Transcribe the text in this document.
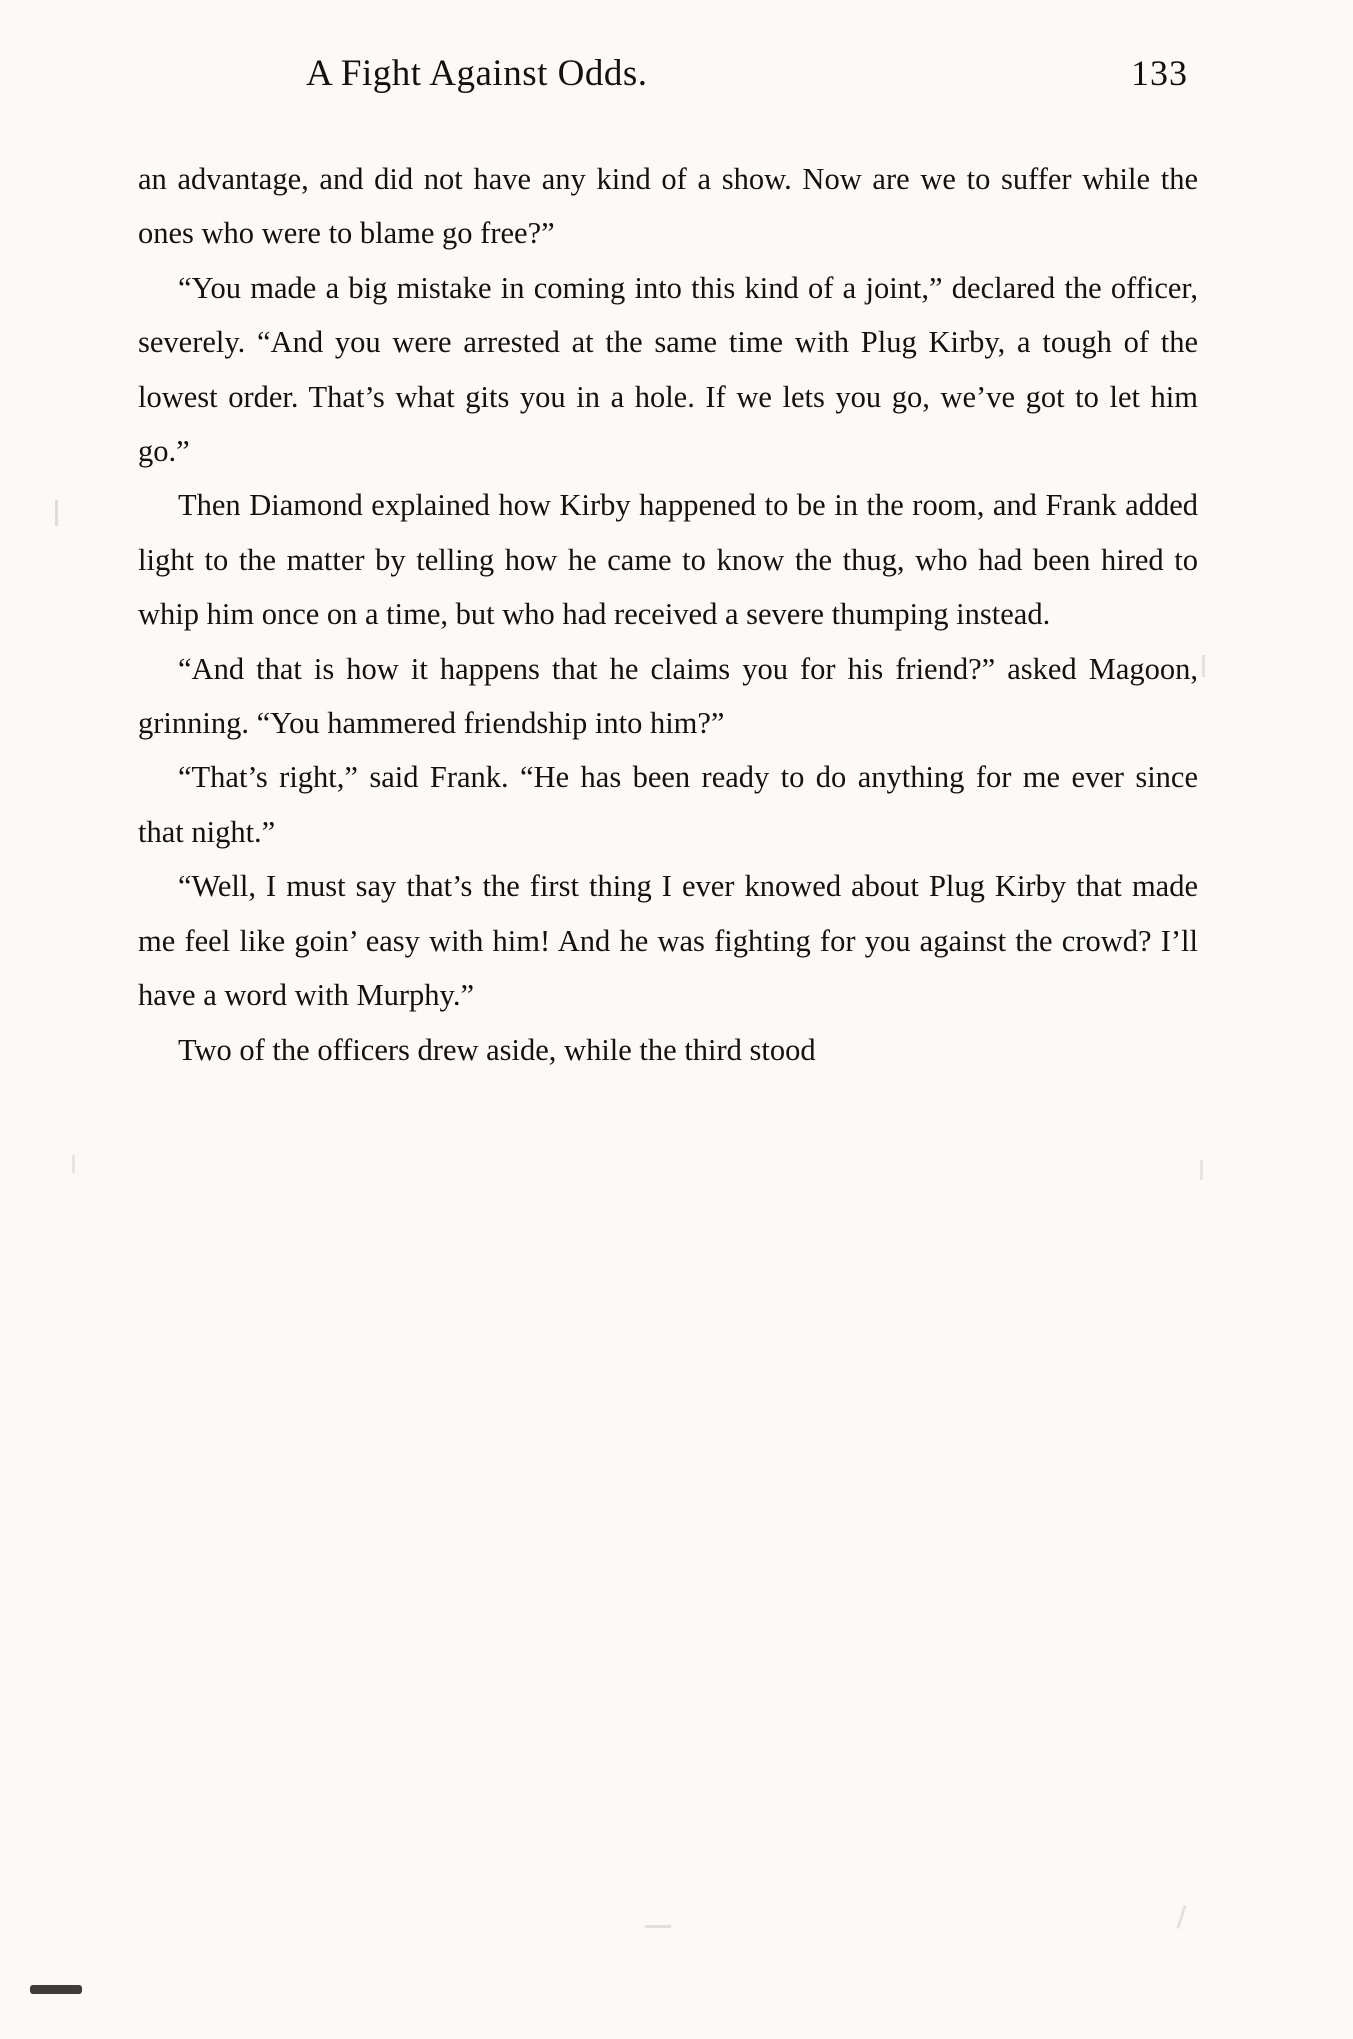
A Fight Against Odds.	133

an advantage, and did not have any kind of a show. Now are we to suffer while the ones who were to blame go free?”

“You made a big mistake in coming into this kind of a joint,” declared the officer, severely. “And you were arrested at the same time with Plug Kirby, a tough of the lowest order. That’s what gits you in a hole. If we lets you go, we’ve got to let him go.”

Then Diamond explained how Kirby happened to be in the room, and Frank added light to the matter by telling how he came to know the thug, who had been hired to whip him once on a time, but who had received a severe thumping instead.

“And that is how it happens that he claims you for his friend?” asked Magoon, grinning. “You hammered friendship into him?”

“That’s right,” said Frank. “He has been ready to do anything for me ever since that night.”

“Well, I must say that’s the first thing I ever knowed about Plug Kirby that made me feel like goin’ easy with him! And he was fighting for you against the crowd? I’ll have a word with Murphy.”

Two of the officers drew aside, while the third stood
